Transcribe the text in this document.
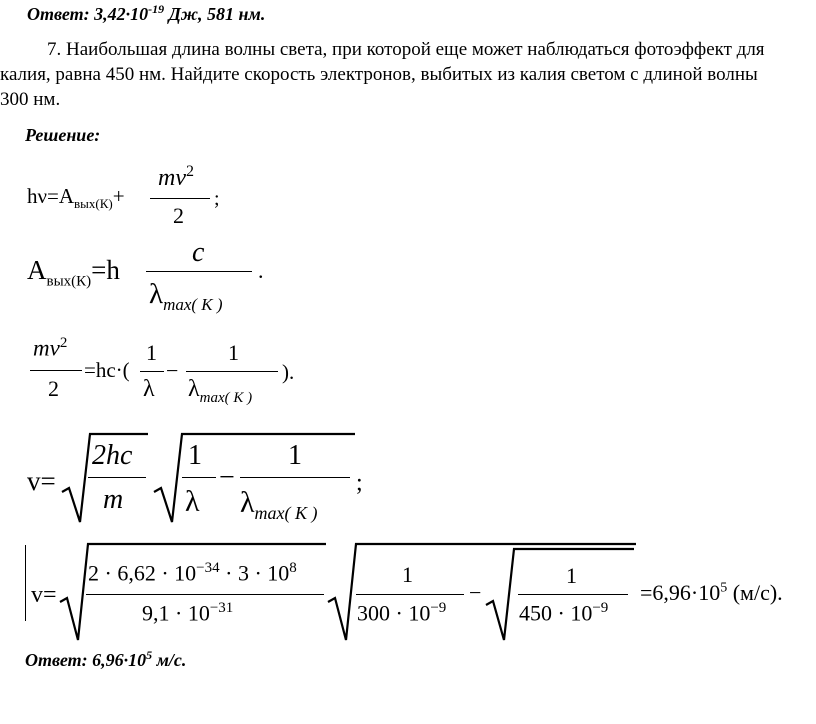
Ответ: $3,42\cdot 10^{-19}$ Дж, 581 нм.
7. Наибольшая длина волны света, при которой еще может наблюдаться фотоэффект для
калия, равна 450 нм. Найдите скорость электронов, выбитых из калия светом с длиной волны
300 нм.
Решение:
$h\nu=A_{вых(К)}+$
$mv^2$
2
;
$A_{вых(К)}=h$
c
$\lambda_{max( K )}$
.
$mv^2$
2
=hc·(
1
λ
−
1
$\lambda_{max( K )}$
).
v=
2hc
m
1
λ
−
1
$\lambda_{max( K )}$
;
v=
$2 \cdot 6,62 \cdot 10^{-34} \cdot 3 \cdot 10^8$
$9,1 \cdot 10^{-31}$
1
$300 \cdot 10^{-9}$
−
1
$450 \cdot 10^{-9}$
$=6,96\cdot 10^5$ (м/с).
Ответ: $6,96\cdot 10^5$ м/с.
